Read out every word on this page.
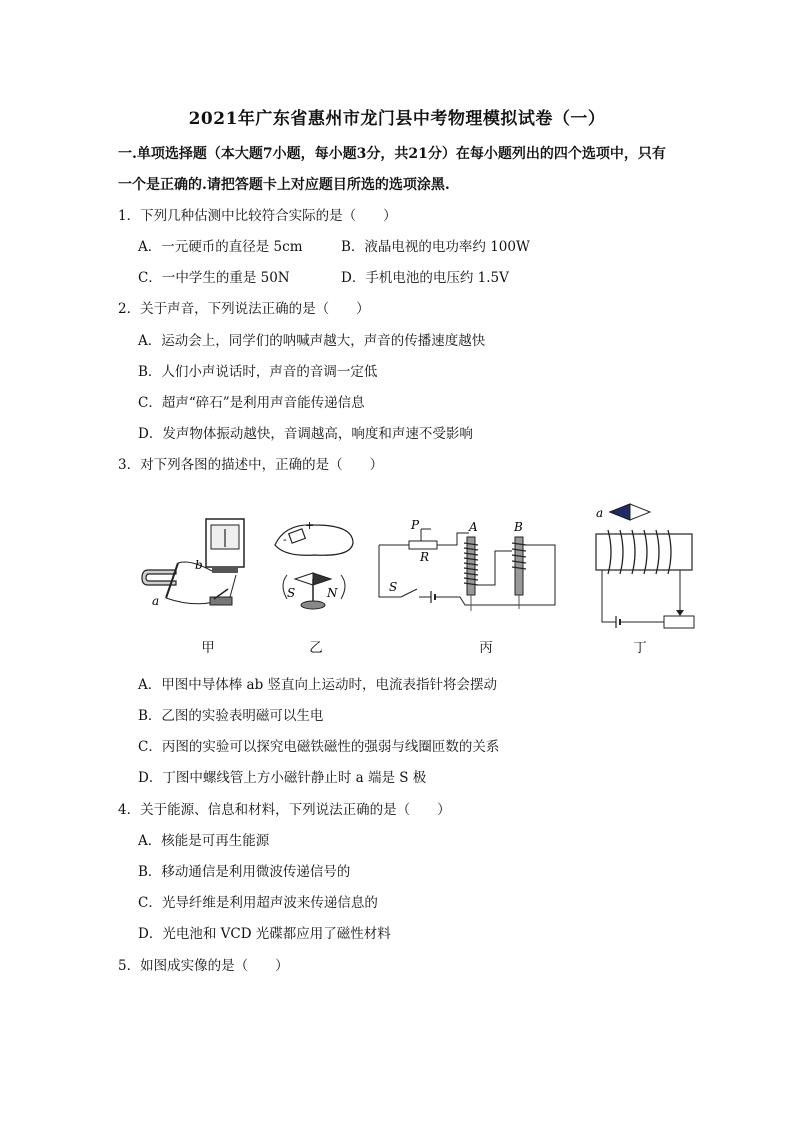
2021年广东省惠州市龙门县中考物理模拟试卷（一）
一.单项选择题（本大题7小题，每小题3分，共21分）在每小题列出的四个选项中，只有
一个是正确的.请把答题卡上对应题目所选的选项涂黑.
1．下列几种估测中比较符合实际的是（　　）
A．一元硬币的直径是 5cm	B．液晶电视的电功率约 100W
C．一中学生的重是 50N	D．手机电池的电压约 1.5V
2．关于声音，下列说法正确的是（　　）
A．运动会上，同学们的呐喊声越大，声音的传播速度越快
B．人们小声说话时，声音的音调一定低
C．超声“碎石”是利用声音能传递信息
D．发声物体振动越快，音调越高，响度和声速不受影响
3．对下列各图的描述中，正确的是（　　）
b
a
+
-
S	N
P
R
A	B
S
a
甲	乙	丙	丁
A．甲图中导体棒 ab 竖直向上运动时，电流表指针将会摆动
B．乙图的实验表明磁可以生电
C．丙图的实验可以探究电磁铁磁性的强弱与线圈匝数的关系
D．丁图中螺线管上方小磁针静止时 a 端是 S 极
4．关于能源、信息和材料，下列说法正确的是（　　）
A．核能是可再生能源
B．移动通信是利用微波传递信号的
C．光导纤维是利用超声波来传递信息的
D．光电池和 VCD 光碟都应用了磁性材料
5．如图成实像的是（　　）
